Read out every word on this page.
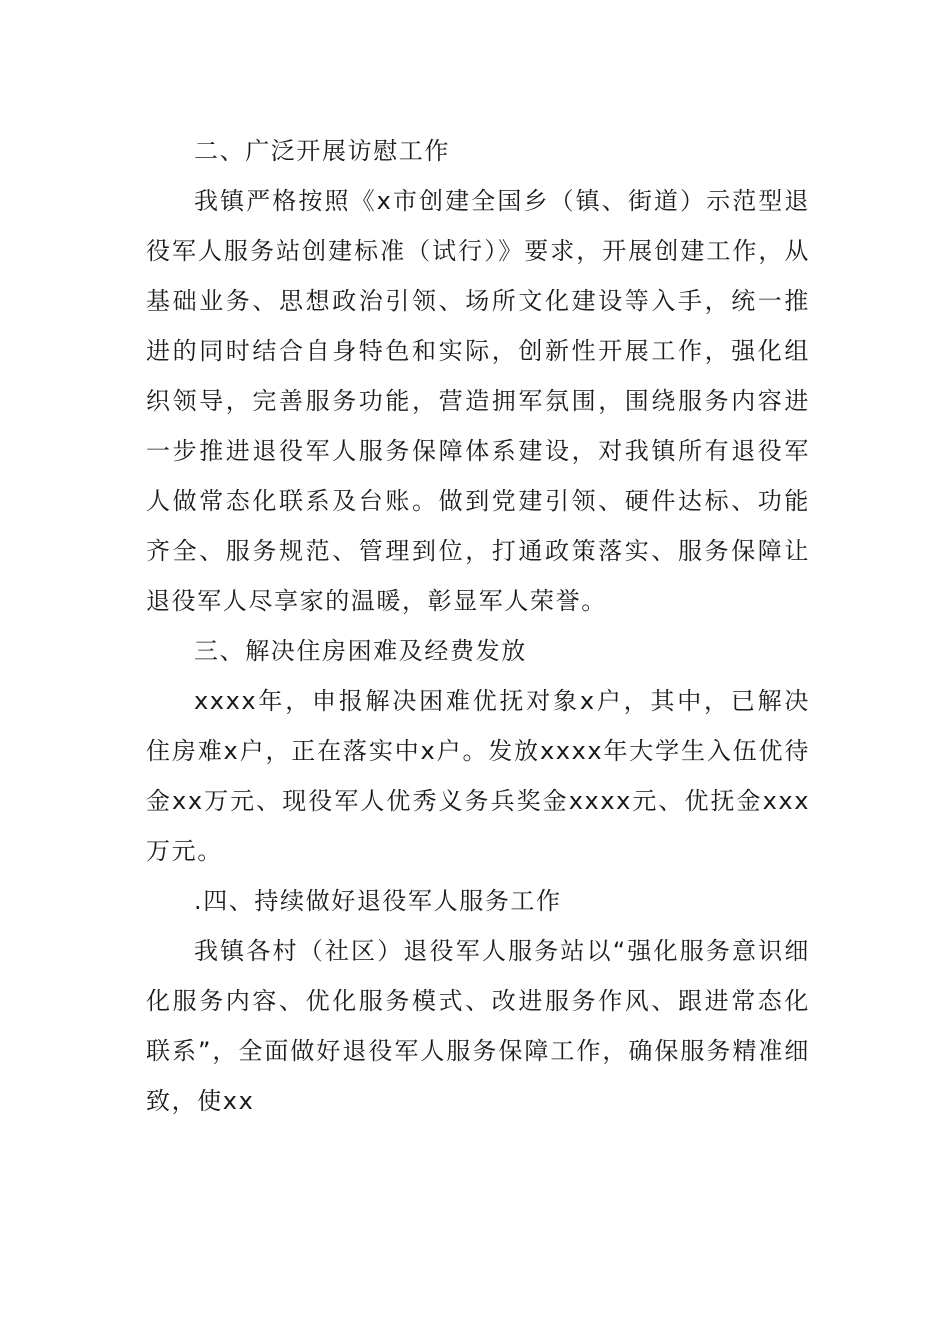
二、广泛开展访慰工作

我镇严格按照《x市创建全国乡（镇、街道）示范型退役军人服务站创建标准（试行）》要求，开展创建工作，从基础业务、思想政治引领、场所文化建设等入手，统一推进的同时结合自身特色和实际，创新性开展工作，强化组织领导，完善服务功能，营造拥军氛围，围绕服务内容进一步推进退役军人服务保障体系建设，对我镇所有退役军人做常态化联系及台账。做到党建引领、硬件达标、功能齐全、服务规范、管理到位，打通政策落实、服务保障让退役军人尽享家的温暖，彰显军人荣誉。

三、解决住房困难及经费发放

xxxx年，申报解决困难优抚对象x户，其中，已解决住房难x户，正在落实中x户。发放xxxx年大学生入伍优待金xx万元、现役军人优秀义务兵奖金xxxx元、优抚金xxx万元。

.四、持续做好退役军人服务工作

我镇各村（社区）退役军人服务站以“强化服务意识细化服务内容、优化服务模式、改进服务作风、跟进常态化联系”，全面做好退役军人服务保障工作，确保服务精准细致，使xx
